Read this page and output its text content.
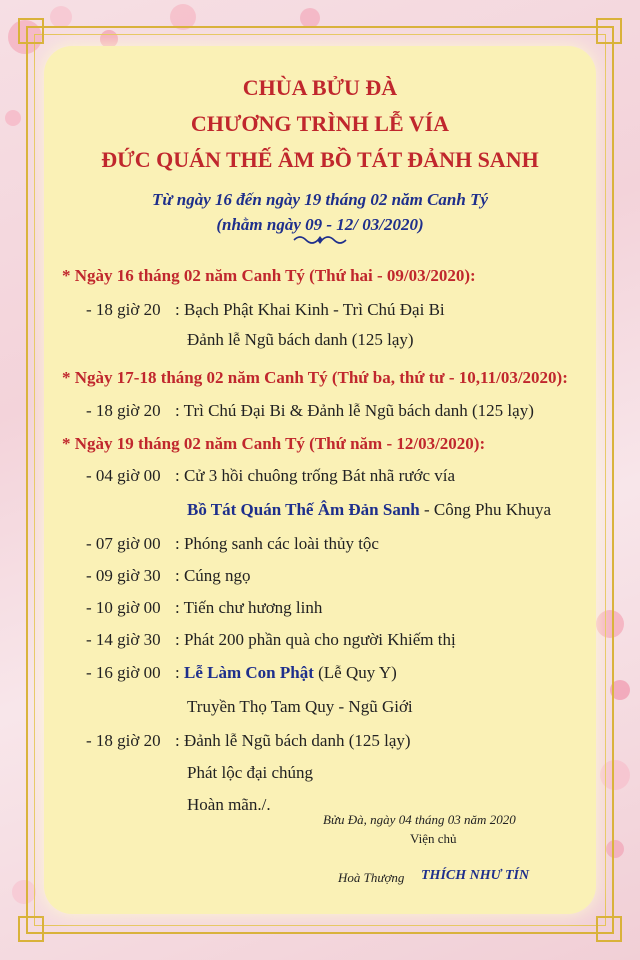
CHÙA BỬU ĐÀ
CHƯƠNG TRÌNH LỄ VÍA
ĐỨC QUÁN THẾ ÂM BỒ TÁT ĐẢNH SANH
Từ ngày 16 đến ngày 19 tháng 02 năm Canh Tý
(nhằm ngày 09 - 12/ 03/2020)
* Ngày 16 tháng 02 năm Canh Tý (Thứ hai - 09/03/2020):
- 18 giờ 20 : Bạch Phật Khai Kinh - Trì Chú Đại Bi
Đảnh lễ Ngũ bách danh (125 lạy)
* Ngày 17-18 tháng 02 năm Canh Tý (Thứ ba, thứ tư - 10,11/03/2020):
- 18 giờ 20 : Trì Chú Đại Bi & Đảnh lễ Ngũ bách danh (125 lạy)
* Ngày 19 tháng 02 năm Canh Tý (Thứ năm - 12/03/2020):
- 04 giờ 00 : Cử 3 hồi chuông trống Bát nhã rước vía
Bồ Tát Quán Thế Âm Đản Sanh - Công Phu Khuya
- 07 giờ 00 : Phóng sanh các loài thủy tộc
- 09 giờ 30 : Cúng ngọ
- 10 giờ 00 : Tiến chư hương linh
- 14 giờ 30 : Phát 200 phần quà cho người Khiếm thị
- 16 giờ 00 : Lễ Làm Con Phật (Lễ Quy Y)
Truyền Thọ Tam Quy - Ngũ Giới
- 18 giờ 20 : Đảnh lễ Ngũ bách danh (125 lạy)
Phát lộc đại chúng
Hoàn mãn./.
Bửu Đà, ngày 04 tháng 03 năm 2020
Viện chủ
Hoà Thượng THÍCH NHƯ TÍN
